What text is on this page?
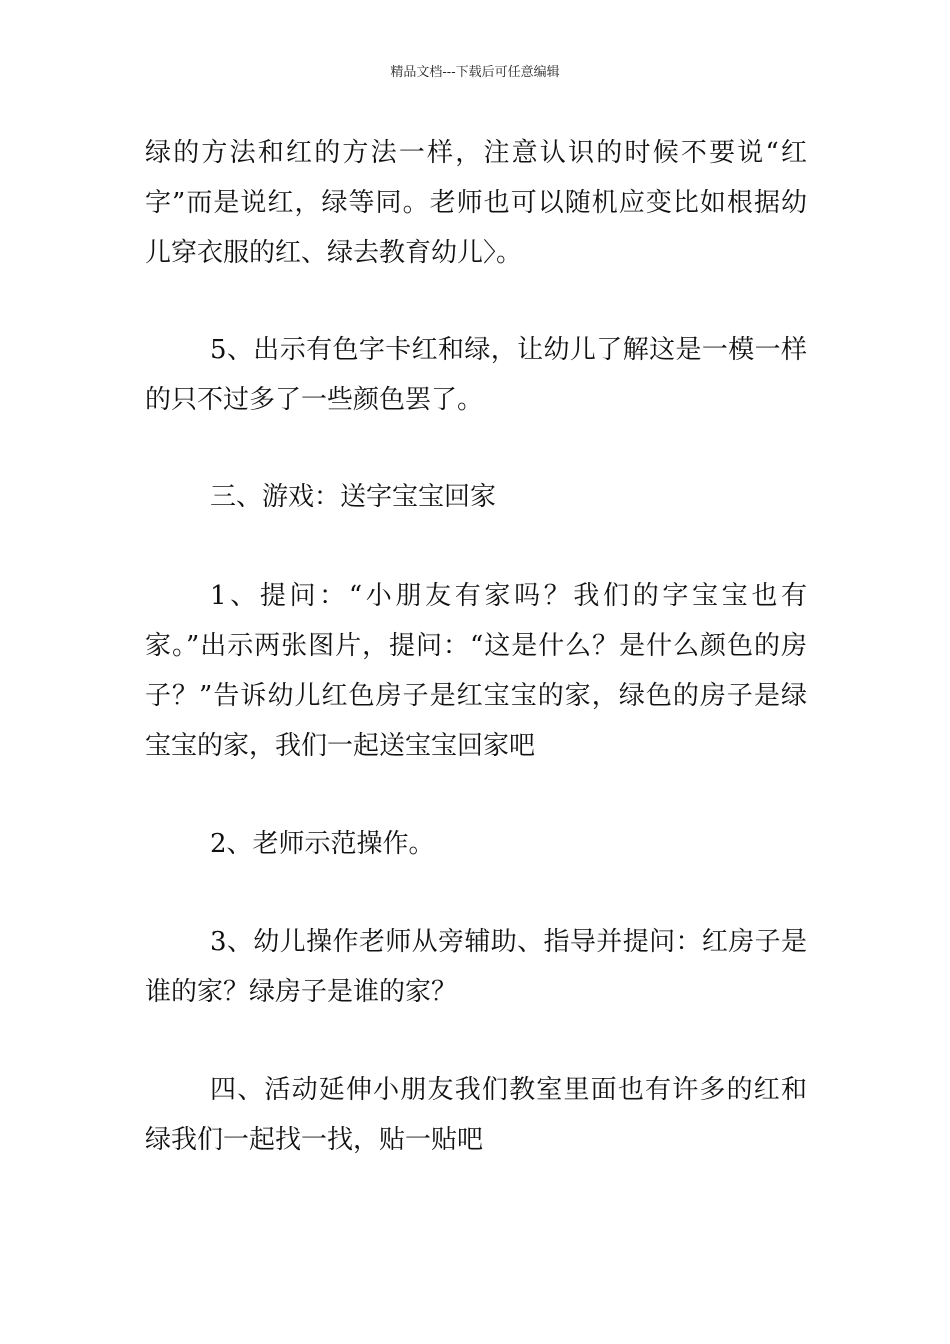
精品文档---下载后可任意编辑

绿的方法和红的方法一样，注意认识的时候不要说“红字”而是说红，绿等同。老师也可以随机应变比如根据幼儿穿衣服的红、绿去教育幼儿〉。

5、出示有色字卡红和绿，让幼儿了解这是一模一样的只不过多了一些颜色罢了。

三、游戏：送字宝宝回家

1、提问：“小朋友有家吗？我们的字宝宝也有家。”出示两张图片，提问：“这是什么？是什么颜色的房子？”告诉幼儿红色房子是红宝宝的家，绿色的房子是绿宝宝的家，我们一起送宝宝回家吧

2、老师示范操作。

3、幼儿操作老师从旁辅助、指导并提问：红房子是谁的家？绿房子是谁的家？

四、活动延伸小朋友我们教室里面也有许多的红和绿我们一起找一找，贴一贴吧
